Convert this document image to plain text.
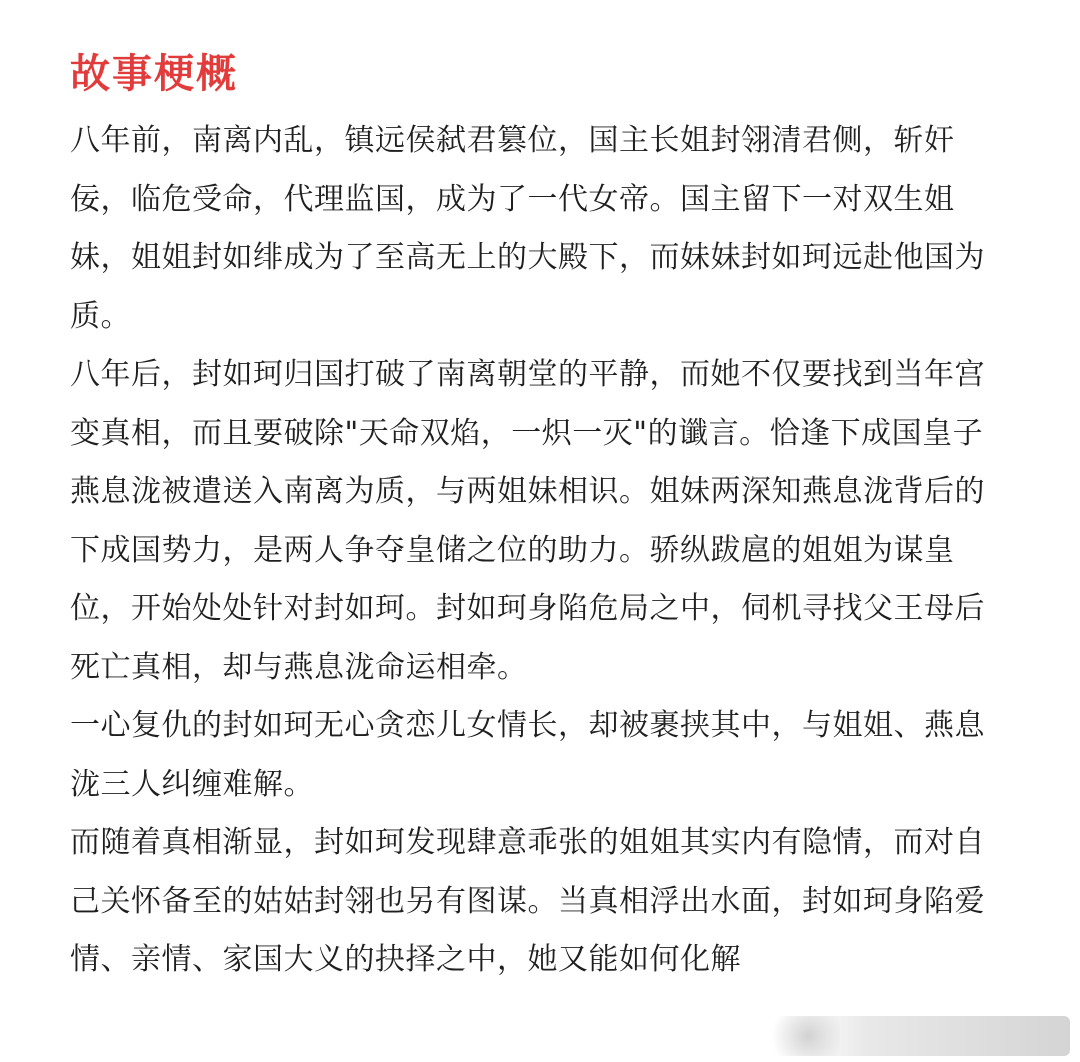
故事梗概

八年前，南离内乱，镇远侯弑君篡位，国主长姐封翎清君侧，斩奸佞，临危受命，代理监国，成为了一代女帝。国主留下一对双生姐妹，姐姐封如绯成为了至高无上的大殿下，而妹妹封如珂远赴他国为质。

八年后，封如珂归国打破了南离朝堂的平静，而她不仅要找到当年宫变真相，而且要破除"天命双焰，一炽一灭"的谶言。恰逢下成国皇子燕息泷被遣送入南离为质，与两姐妹相识。姐妹两深知燕息泷背后的下成国势力，是两人争夺皇储之位的助力。骄纵跋扈的姐姐为谋皇位，开始处处针对封如珂。封如珂身陷危局之中，伺机寻找父王母后死亡真相，却与燕息泷命运相牵。

一心复仇的封如珂无心贪恋儿女情长，却被裹挟其中，与姐姐、燕息泷三人纠缠难解。

而随着真相渐显，封如珂发现肆意乖张的姐姐其实内有隐情，而对自己关怀备至的姑姑封翎也另有图谋。当真相浮出水面，封如珂身陷爱情、亲情、家国大义的抉择之中，她又能如何化解
